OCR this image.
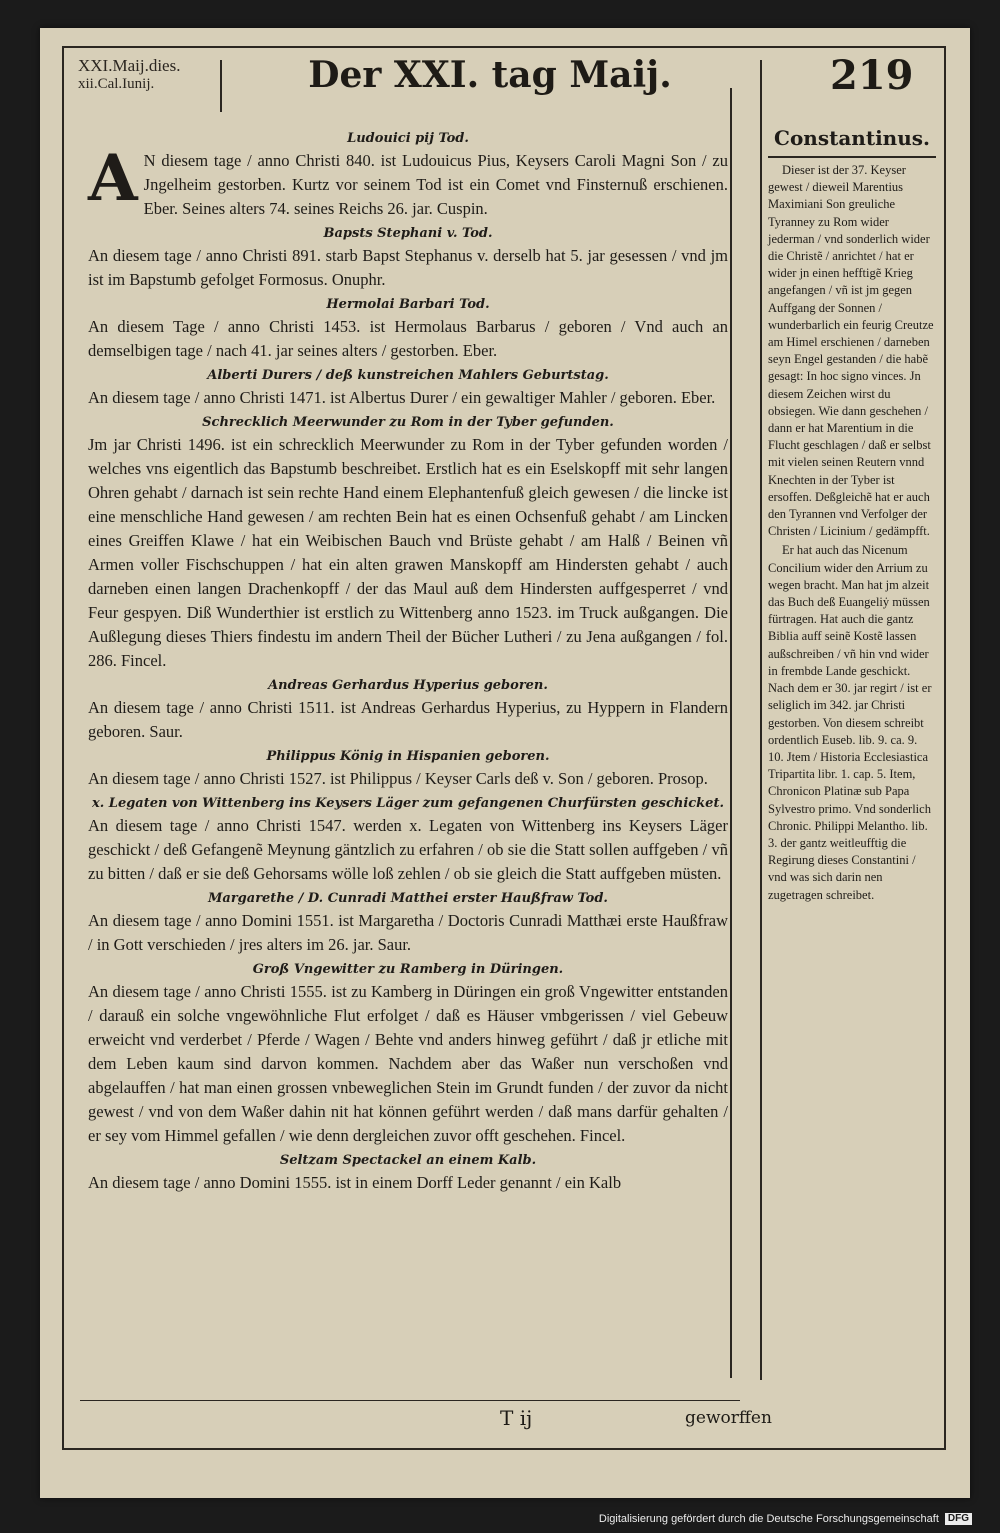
XXI.Maij.dies.
xii.Cal.Iunij.	Der XXI. tag Maij.	219
Ludouici pij Tod.

AN diesem tage / anno Christi 840. ist Ludouicus Pius, Keysers Caroli Magni Son / zu Jngelheim gestorben. Kurtz vor seinem Tod ist ein Comet vnd Finsternuß erschienen. Eber. Seines alters 74. seines Reichs 26. jar. Cuspin.

Bapsts Stephani v. Tod.

An diesem tage / anno Christi 891. starb Bapst Stephanus v. derselb hat 5. jar gesessen / vnd jm ist im Bapstumb gefolget Formosus. Onuphr.

Hermolai Barbari Tod.

An diesem Tage / anno Christi 1453. ist Hermolaus Barbarus / geboren / Vnd auch an demselbigen tage / nach 41. jar seines alters / gestorben. Eber.

Alberti Durers / deß kunstreichen Mahlers Geburtstag.

An diesem tage / anno Christi 1471. ist Albertus Durer / ein gewaltiger Mahler / geboren. Eber.

Schrecklich Meerwunder zu Rom in der Tyber gefunden.

Jm jar Christi 1496. ist ein schrecklich Meerwunder zu Rom in der Tyber gefunden worden / welches vns eigentlich das Bapstumb beschreibet. Erstlich hat es ein Eselskopff mit sehr langen Ohren gehabt / darnach ist sein rechte Hand einem Elephantenfuß gleich gewesen / die lincke ist eine menschliche Hand gewesen / am rechten Bein hat es einen Ochsenfuß gehabt / am Lincken eines Greiffen Klawe / hat ein Weibischen Bauch vnd Brüste gehabt / am Halß / Beinen vñ Armen voller Fischschuppen / hat ein alten grawen Manskopff am Hindersten gehabt / auch darneben einen langen Drachenkopff / der das Maul auß dem Hindersten auffgesperret / vnd Feur gespyen. Diß Wunderthier ist erstlich zu Wittenberg anno 1523. im Truck außgangen. Die Außlegung dieses Thiers findestu im andern Theil der Bücher Lutheri / zu Jena außgangen / fol. 286. Fincel.

Andreas Gerhardus Hyperius geboren.

An diesem tage / anno Christi 1511. ist Andreas Gerhardus Hyperius, zu Hyppern in Flandern geboren. Saur.

Philippus König in Hispanien geboren.

An diesem tage / anno Christi 1527. ist Philippus / Keyser Carls deß v. Son / geboren. Prosop.

x. Legaten von Wittenberg ins Keysers Läger zum gefangenen Churfürsten geschicket.

An diesem tage / anno Christi 1547. werden x. Legaten von Wittenberg ins Keysers Läger geschickt / deß Gefangenẽ Meynung gäntzlich zu erfahren / ob sie die Statt sollen auffgeben / vñ zu bitten / daß er sie deß Gehorsams wölle loß zehlen / ob sie gleich die Statt auffgeben müsten.

Margarethe / D. Cunradi Matthei erster Haußfraw Tod.

An diesem tage / anno Domini 1551. ist Margaretha / Doctoris Cunradi Matthæi erste Haußfraw / in Gott verschieden / jres alters im 26. jar. Saur.

Groß Vngewitter zu Ramberg in Düringen.

An diesem tage / anno Christi 1555. ist zu Kamberg in Düringen ein groß Vngewitter entstanden / darauß ein solche vngewöhnliche Flut erfolget / daß es Häuser vmbgerissen / viel Gebeuw erweicht vnd verderbet / Pferde / Wagen / Behte vnd anders hinweg geführt / daß jr etliche mit dem Leben kaum sind darvon kommen. Nachdem aber das Waßer nun verschoßen vnd abgelauffen / hat man einen grossen vnbeweglichen Stein im Grundt funden / der zuvor da nicht gewest / vnd von dem Waßer dahin nit hat können geführt werden / daß mans darfür gehalten / er sey vom Himmel gefallen / wie denn dergleichen zuvor offt geschehen. Fincel.

Seltzam Spectackel an einem Kalb.

An diesem tage / anno Domini 1555. ist in einem Dorff Leder genannt / ein Kalb

Constantinus.

Dieser ist der 37. Keyser gewest / dieweil Marentius Maximiani Son greuliche Tyranney zu Rom wider jederman / vnd sonderlich wider die Christẽ / anrichtet / hat er wider jn einen hefftigẽ Krieg angefangen / vñ ist jm gegen Auffgang der Sonnen / wunderbarlich ein feurig Creutze am Himel erschienen / darneben seyn Engel gestanden / die habẽ gesagt: In hoc signo vinces. Jn diesem Zeichen wirst du obsiegen. Wie dann geschehen / dann er hat Marentium in die Flucht geschlagen / daß er selbst mit vielen seinen Reutern vnnd Knechten in der Tyber ist ersoffen. Deßgleichẽ hat er auch den Tyrannen vnd Verfolger der Christen / Licinium / gedämpfft.

Er hat auch das Nicenum Concilium wider den Arrium zu wegen bracht. Man hat jm alzeit das Buch deß Euangeliẏ müssen fürtragen. Hat auch die gantz Biblia auff seinẽ Kostẽ lassen außschreiben / vñ hin vnd wider in frembde Lande geschickt. Nach dem er 30. jar regirt / ist er seliglich im 342. jar Christi gestorben. Von diesem schreibt ordentlich Euseb. lib. 9. ca. 9. 10. Jtem / Historia Ecclesiastica Tripartita libr. 1. cap. 5. Item, Chronicon Platinæ sub Papa Sylvestro primo. Vnd sonderlich Chronic. Philippi Melantho. lib. 3. der gantz weitleufftig die Regirung dieses Constantini / vnd was sich darin nen zugetragen schreibet.

T ij	geworffen
Digitalisierung gefördert durch die Deutsche Forschungsgemeinschaft DFG
